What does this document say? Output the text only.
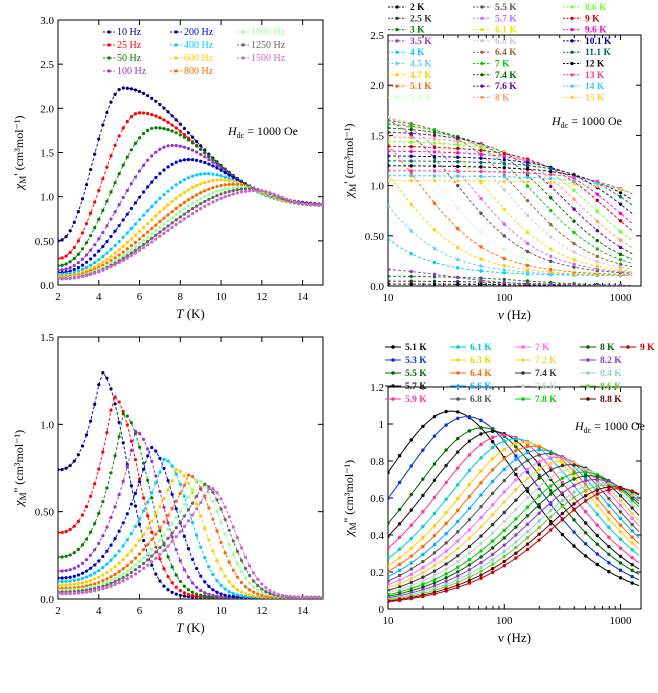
2	4	6	8	10	12	14
0.0
0.50
1.0
1.5
2.0
2.5
3.0
T (K)
$\chi_M'$ (cm³mol⁻¹)	$H_{dc} = 1000$ Oe
10 Hz
25 Hz
50 Hz
100 Hz
200 Hz
400 Hz
600 Hz
800 Hz
1000 Hz
1250 Hz
1500 Hz
10	100	1000
0.0
0.50
1.0
1.5
2.0
2.5
ν (Hz)
$\chi_M'$ (cm³mol⁻¹)
$H_{dc} = 1000$ Oe
2 K
2.5 K
3 K
3.5 K
4 K
4.5 K
4.7 K
5.1 K
5.3 K
5.5 K
5.7 K
6.1 K
6.6 K
6.4 K
7 K
7.4 K
7.6 K
8 K
8.6 K
9 K
9.6 K
10.1 K
11.1 K
12 K
13 K
14 K
15 K
2	4	6	8	10	12	14
0.0
0.50
1.0
1.5
T (K)
$\chi_M''$ (cm³mol⁻¹)
10	100	1000
0
0.2
0.4
0.6
0.8
1
1.2
ν (Hz)
$\chi_M''$ (cm³mol⁻¹)
$H_{dc} = 1000$ Oe
5.1 K
5.3 K
5.5 K
5.7 K
5.9 K
6.1 K
6.3 K
6.4 K
6.6 K
6.8 K
7 K
7.2 K
7.4 K
7.6 K
7.8 K
8 K
8.2 K
8.4 K
8.6 K
8.8 K
9 K
